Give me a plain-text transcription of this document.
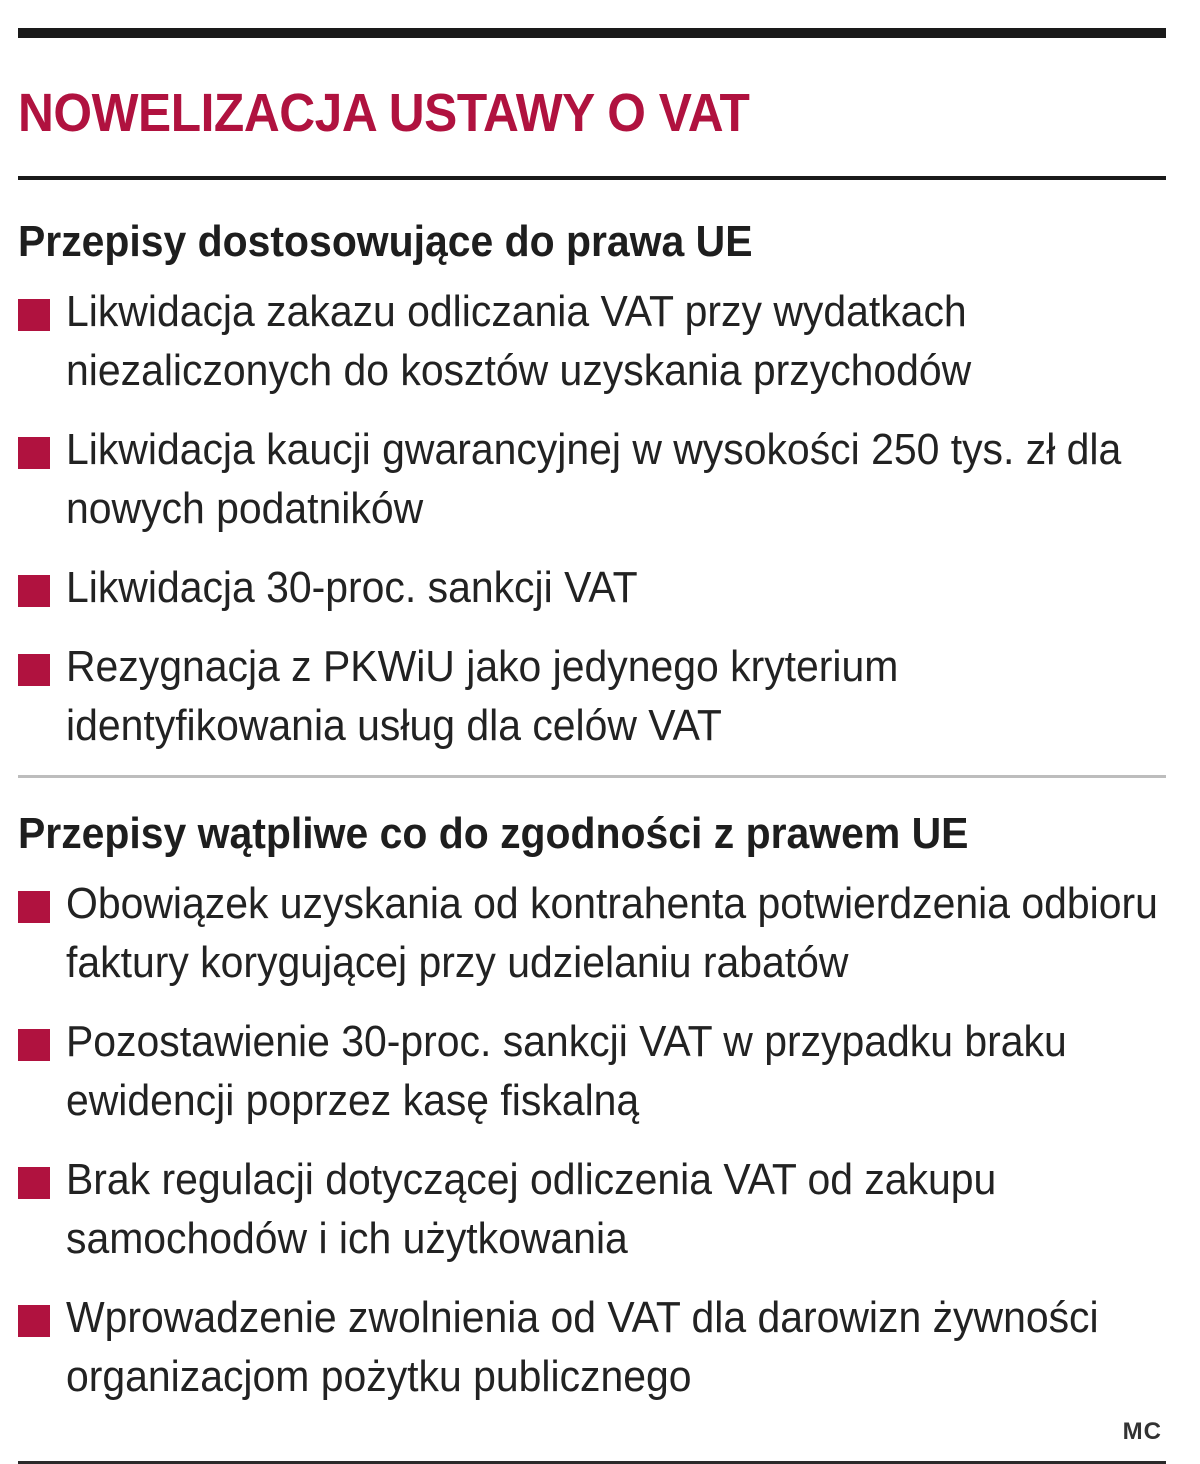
NOWELIZACJA USTAWY O VAT
Przepisy dostosowujące do prawa UE
Likwidacja zakazu odliczania VAT przy wydatkach niezaliczonych do kosztów uzyskania przychodów
Likwidacja kaucji gwarancyjnej w wysokości 250 tys. zł dla nowych podatników
Likwidacja 30-proc. sankcji VAT
Rezygnacja z PKWiU jako jedynego kryterium identyfikowania usług dla celów VAT
Przepisy wątpliwe co do zgodności z prawem UE
Obowiązek uzyskania od kontrahenta potwierdzenia odbioru faktury korygującej przy udzielaniu rabatów
Pozostawienie 30-proc. sankcji VAT w przypadku braku ewidencji poprzez kasę fiskalną
Brak regulacji dotyczącej odliczenia VAT od zakupu samochodów i ich użytkowania
Wprowadzenie zwolnienia od VAT dla darowizn żywności organizacjom pożytku publicznego
MC
